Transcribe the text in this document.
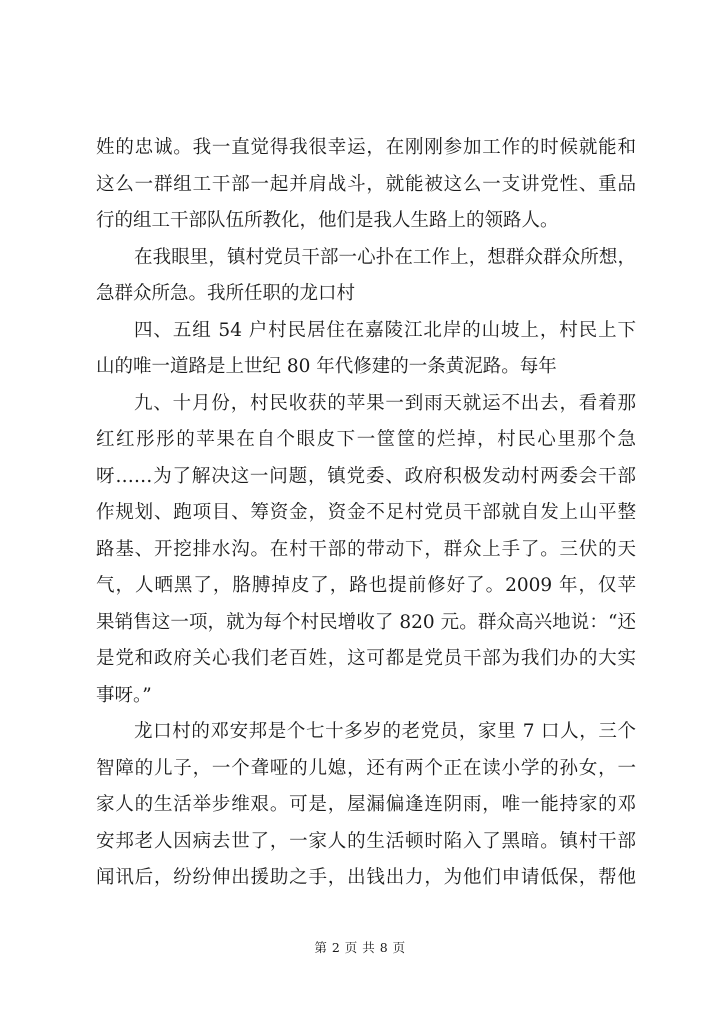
姓的忠诚。我一直觉得我很幸运，在刚刚参加工作的时候就能和
这么一群组工干部一起并肩战斗，就能被这么一支讲党性、重品
行的组工干部队伍所教化，他们是我人生路上的领路人。
在我眼里，镇村党员干部一心扑在工作上，想群众群众所想，
急群众所急。我所任职的龙口村
四、五组 54 户村民居住在嘉陵江北岸的山坡上，村民上下
山的唯一道路是上世纪 80 年代修建的一条黄泥路。每年
九、十月份，村民收获的苹果一到雨天就运不出去，看着那
红红彤彤的苹果在自个眼皮下一筐筐的烂掉，村民心里那个急
呀……为了解决这一问题，镇党委、政府积极发动村两委会干部
作规划、跑项目、筹资金，资金不足村党员干部就自发上山平整
路基、开挖排水沟。在村干部的带动下，群众上手了。三伏的天
气，人晒黑了，胳膊掉皮了，路也提前修好了。2009 年，仅苹
果销售这一项，就为每个村民增收了 820 元。群众高兴地说：“还
是党和政府关心我们老百姓，这可都是党员干部为我们办的大实
事呀。”
龙口村的邓安邦是个七十多岁的老党员，家里 7 口人，三个
智障的儿子，一个聋哑的儿媳，还有两个正在读小学的孙女，一
家人的生活举步维艰。可是，屋漏偏逢连阴雨，唯一能持家的邓
安邦老人因病去世了，一家人的生活顿时陷入了黑暗。镇村干部
闻讯后，纷纷伸出援助之手，出钱出力，为他们申请低保，帮他
第 2 页 共 8 页
